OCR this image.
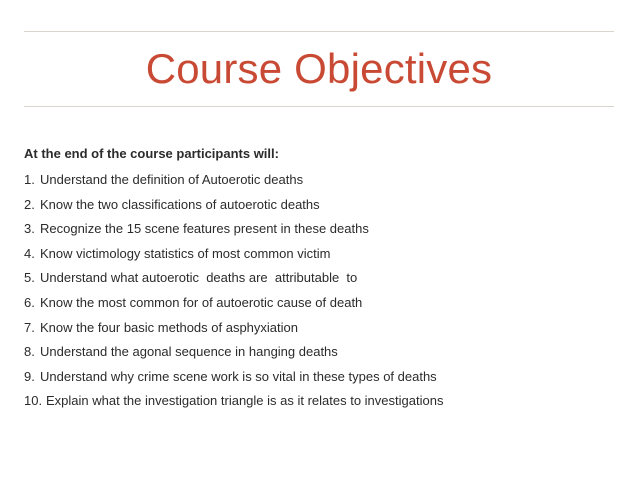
Course Objectives
At the end of the course participants will:
1. Understand the definition of Autoerotic deaths
2. Know the two classifications of autoerotic deaths
3. Recognize the 15 scene features present in these deaths
4. Know victimology statistics of most common victim
5. Understand what autoerotic  deaths are  attributable  to
6. Know the most common for of autoerotic cause of death
7. Know the four basic methods of asphyxiation
8. Understand the agonal sequence in hanging deaths
9. Understand why crime scene work is so vital in these types of deaths
10. Explain what the investigation triangle is as it relates to investigations
